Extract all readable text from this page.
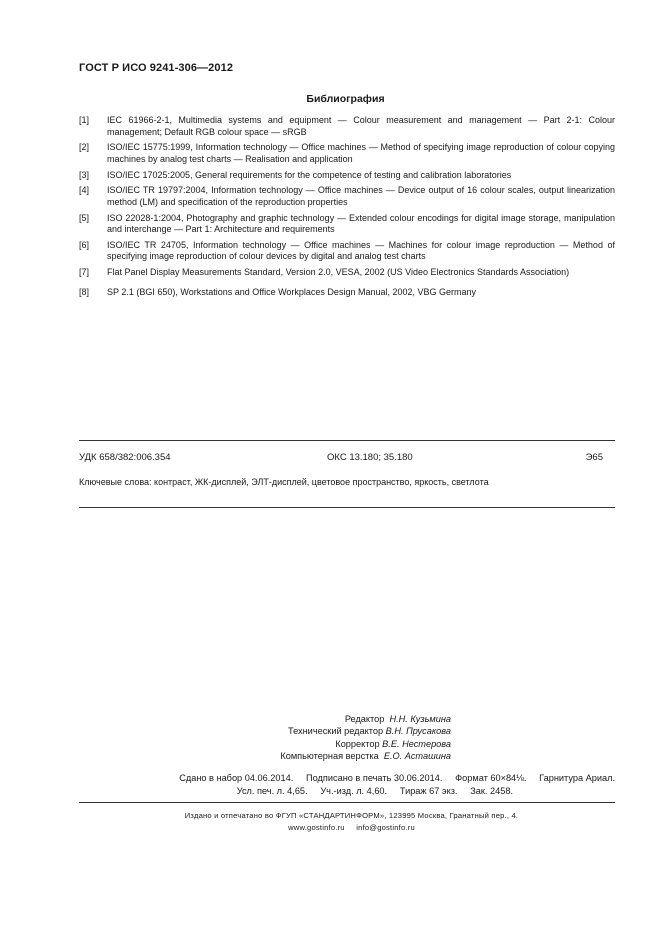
ГОСТ Р ИСО 9241-306—2012
Библиография
[1]	IEC 61966-2-1, Multimedia systems and equipment — Colour measurement and management — Part 2-1: Colour management; Default RGB colour space — sRGB
[2]	ISO/IEC 15775:1999, Information technology — Office machines — Method of specifying image reproduction of colour copying machines by analog test charts — Realisation and application
[3]	ISO/IEC 17025:2005, General requirements for the competence of testing and calibration laboratories
[4]	ISO/IEC TR 19797:2004, Information technology — Office machines — Device output of 16 colour scales, output linearization method (LM) and specification of the reproduction properties
[5]	ISO 22028-1:2004, Photography and graphic technology — Extended colour encodings for digital image storage, manipulation and interchange — Part 1: Architecture and requirements
[6]	ISO/IEC TR 24705, Information technology — Office machines — Machines for colour image reproduction — Method of specifying image reproduction of colour devices by digital and analog test charts
[7]	Flat Panel Display Measurements Standard, Version 2.0, VESA, 2002 (US Video Electronics Standards Association)
[8]	SP 2.1 (BGI 650), Workstations and Office Workplaces Design Manual, 2002, VBG Germany
УДК 658/382:006.354	ОКС 13.180; 35.180	Э65
Ключевые слова: контраст, ЖК-дисплей, ЭЛТ-дисплей, цветовое пространство, яркость, светлота
Редактор Н.Н. Кузьмина
Технический редактор В.Н. Прусакова
Корректор В.Е. Нестерова
Компьютерная верстка Е.О. Асташина
Сдано в набор 04.06.2014.     Подписано в печать 30.06.2014.     Формат 60×84⅛.     Гарнитура Ариал.
Усл. печ. л. 4,65.     Уч.-изд. л. 4,60.     Тираж 67 экз.     Зак. 2458.
Издано и отпечатано во ФГУП «СТАНДАРТИНФОРМ», 123995 Москва, Гранатный пер., 4.
www.gostinfo.ru     info@gostinfo.ru
